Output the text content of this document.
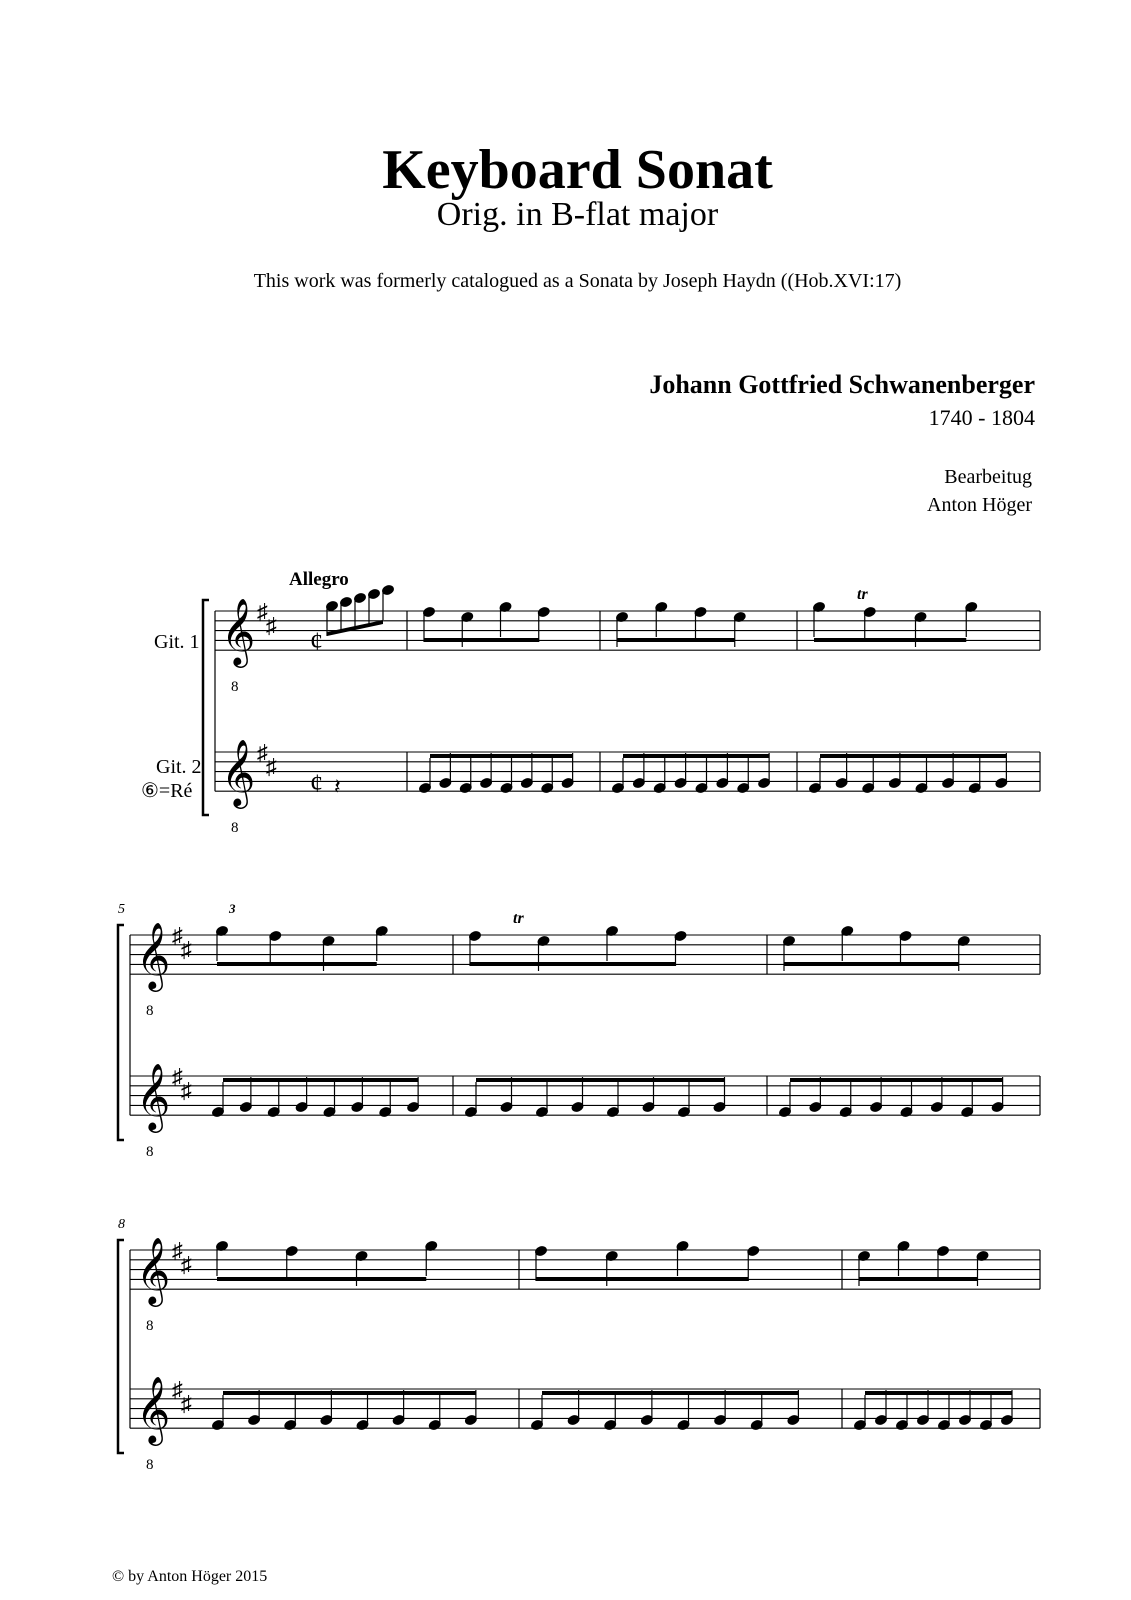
Keyboard Sonat
Orig. in B-flat major
This work was formerly catalogued as a Sonata by Joseph Haydn ((Hob.XVI:17)
Johann Gottfried Schwanenberger
1740 - 1804
Bearbeitug
Anton Höger
𝄞
8
♯
♯
𝄞
8
♯
♯
tr
𝄞
8
♯
♯
𝄞
8
♯
♯
5
tr
𝄞
8
♯
♯
𝄞
8
♯
♯
8
¢
¢ 𝄽
Allegro
Git. 1
Git. 2
⑥=Ré
3
© by Anton Höger 2015
